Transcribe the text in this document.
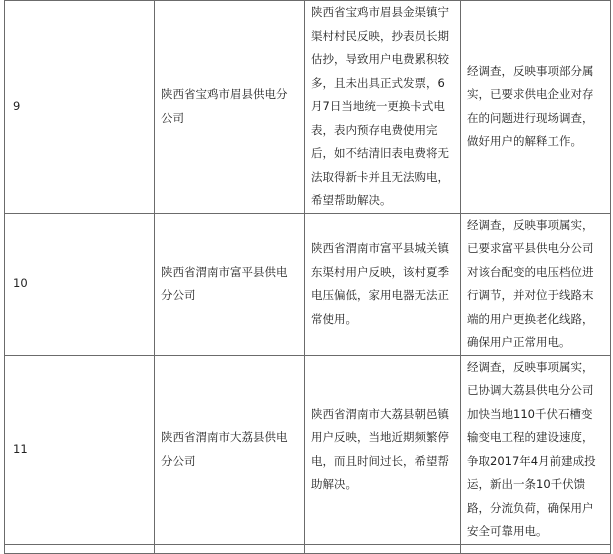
9	陕西省宝鸡市眉县供电分公司	陕西省宝鸡市眉县金渠镇宁渠村村民反映，抄表员长期估抄，导致用户电费累积较多，且未出具正式发票，6月7日当地统一更换卡式电表，表内预存电费使用完后，如不结清旧表电费将无法取得新卡并且无法购电，希望帮助解决。	经调查，反映事项部分属实，已要求供电企业对存在的问题进行现场调查，做好用户的解释工作。
10	陕西省渭南市富平县供电分公司	陕西省渭南市富平县城关镇东渠村用户反映，该村夏季电压偏低，家用电器无法正常使用。	经调查，反映事项属实，已要求富平县供电分公司对该台配变的电压档位进行调节，并对位于线路末端的用户更换老化线路，确保用户正常用电。
11	陕西省渭南市大荔县供电分公司	陕西省渭南市大荔县朝邑镇用户反映，当地近期频繁停电，而且时间过长，希望帮助解决。	经调查，反映事项属实，已协调大荔县供电分公司加快当地110千伏石槽变输变电工程的建设速度，争取2017年4月前建成投运，新出一条10千伏馈路，分流负荷，确保用户安全可靠用电。
